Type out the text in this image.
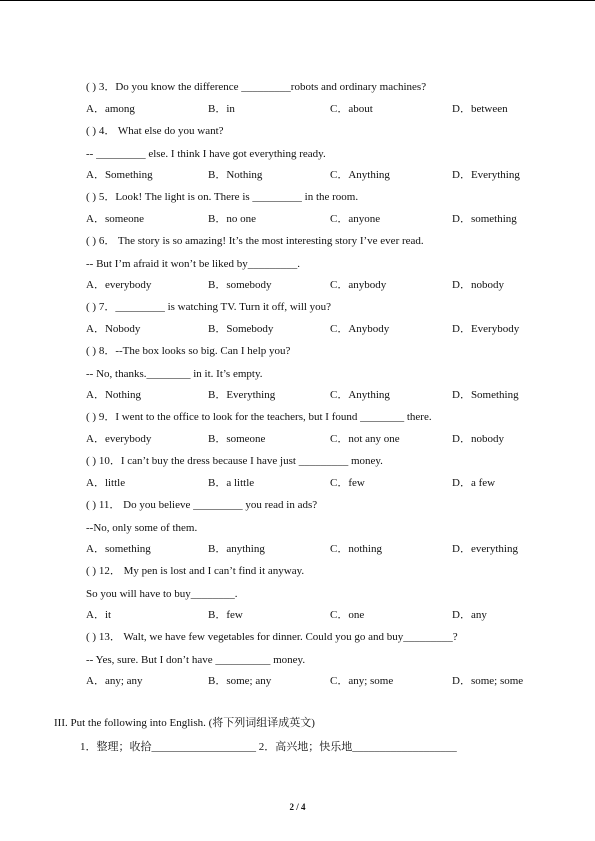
( ) 3．Do you know the difference _________robots and ordinary machines?
A．among	B．in	C．about	D．between
( ) 4． What else do you want?
-- _________ else. I think I have got everything ready.
A．Something	B．Nothing	C．Anything	D．Everything
( ) 5．Look! The light is on. There is _________ in the room.
A．someone	B．no one	C．anyone	D．something
( ) 6． The story is so amazing! It’s the most interesting story I’ve ever read.
-- But I’m afraid it won’t be liked by_________.
A．everybody	B．somebody	C．anybody	D．nobody
( ) 7．_________ is watching TV. Turn it off, will you?
A．Nobody	B．Somebody	C．Anybody	D．Everybody
( ) 8．--The box looks so big. Can I help you?
-- No, thanks.________ in it. It’s empty.
A．Nothing	B．Everything	C．Anything	D．Something
( ) 9．I went to the office to look for the teachers, but I found ________ there.
A．everybody	B．someone	C．not any one	D．nobody
( ) 10．I can’t buy the dress because I have just _________ money.
A．little	B．a little	C．few	D．a few
( ) 11． Do you believe _________ you read in ads?
--No, only some of them.
A．something	B．anything	C．nothing	D．everything
( ) 12． My pen is lost and I can’t find it anyway.
So you will have to buy________.
A．it	B．few	C．one	D．any
( ) 13． Walt, we have few vegetables for dinner. Could you go and buy_________?
-- Yes, sure. But I don’t have __________ money.
A．any; any	B．some; any	C．any; some	D．some; some
III. Put the following into English. (将下列词组译成英文)
1．整理；收拾___________________ 2．高兴地；快乐地___________________
2 / 4
